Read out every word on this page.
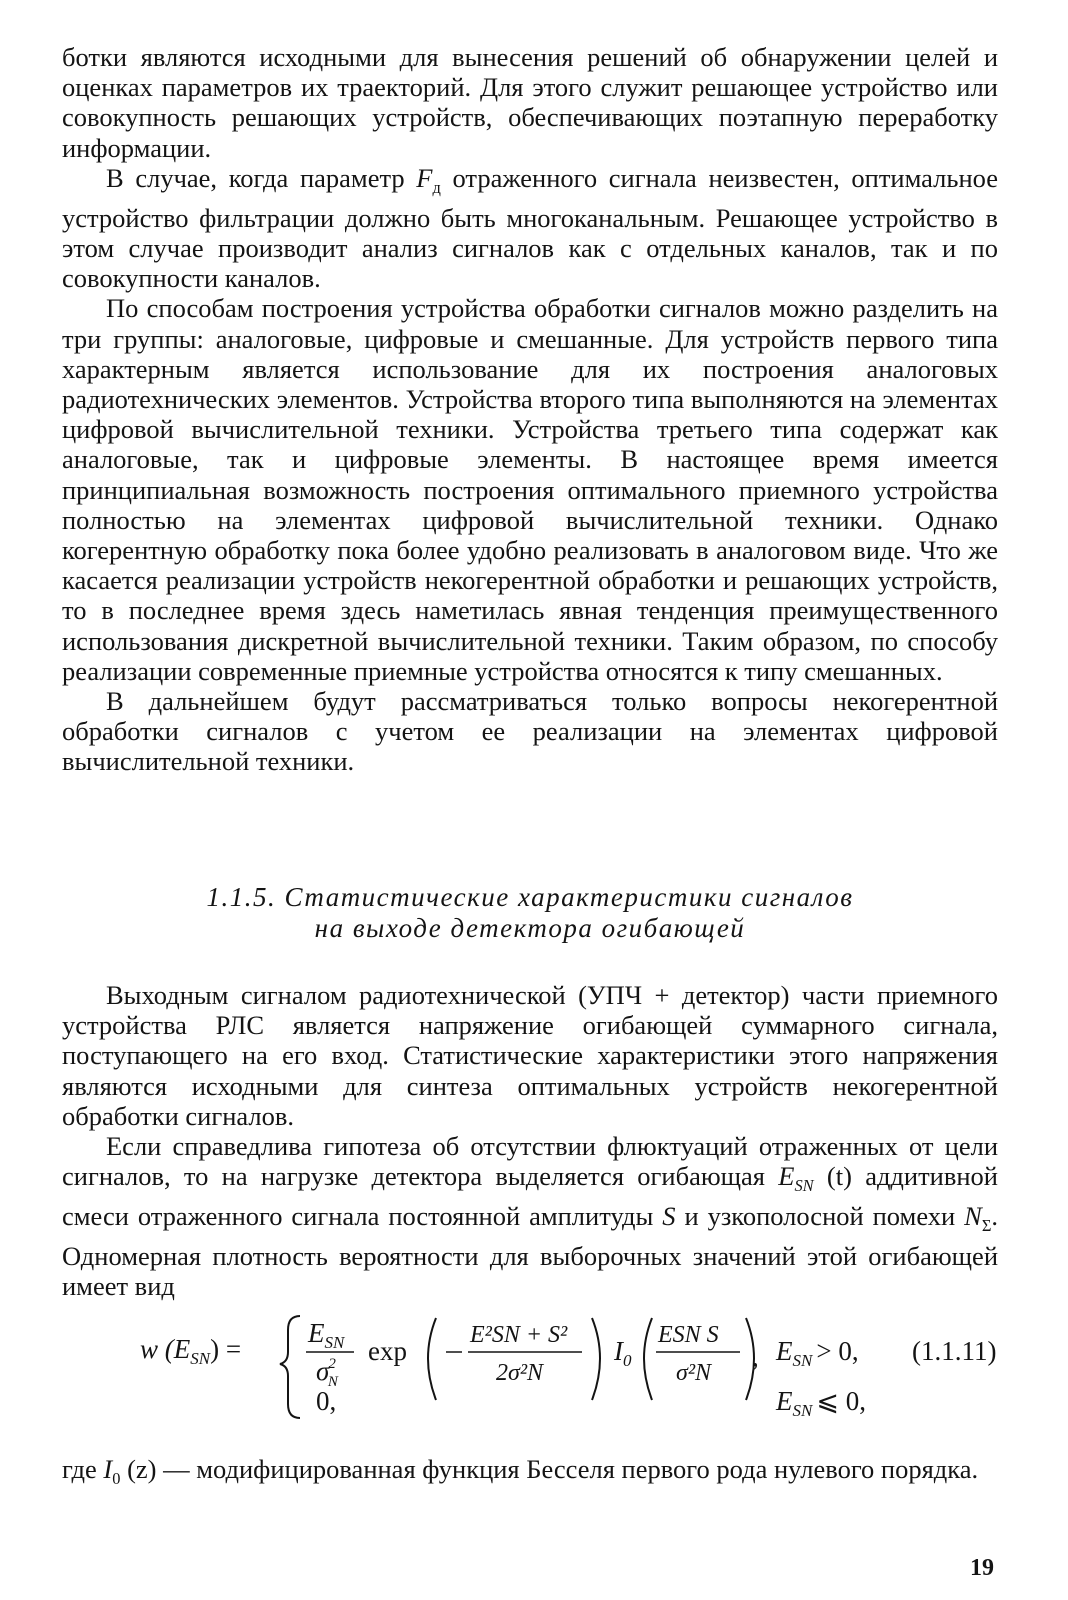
ботки являются исходными для вынесения решений об обнаружении целей и оценках параметров их траекторий. Для этого служит решающее устройство или совокупность решающих устройств, обеспечивающих поэтапную переработку информации.

В случае, когда параметр $F_д$ отраженного сигнала неизвестен, оптимальное устройство фильтрации должно быть многоканальным. Решающее устройство в этом случае производит анализ сигналов как с отдельных каналов, так и по совокупности каналов.

По способам построения устройства обработки сигналов можно разделить на три группы: аналоговые, цифровые и смешанные. Для устройств первого типа характерным является использование для их построения аналоговых радиотехнических элементов. Устройства второго типа выполняются на элементах цифровой вычислительной техники. Устройства третьего типа содержат как аналоговые, так и цифровые элементы. В настоящее время имеется принципиальная возможность построения оптимального приемного устройства полностью на элементах цифровой вычислительной техники. Однако когерентную обработку пока более удобно реализовать в аналоговом виде. Что же касается реализации устройств некогерентной обработки и решающих устройств, то в последнее время здесь наметилась явная тенденция преимущественного использования дискретной вычислительной техники. Таким образом, по способу реализации современные приемные устройства относятся к типу смешанных.

В дальнейшем будут рассматриваться только вопросы некогерентной обработки сигналов с учетом ее реализации на элементах цифровой вычислительной техники.

1.1.5. Статистические характеристики сигналов
на выходе детектора огибающей

Выходным сигналом радиотехнической (УПЧ + детектор) части приемного устройства РЛС является напряжение огибающей суммарного сигнала, поступающего на его вход. Статистические характеристики этого напряжения являются исходными для синтеза оптимальных устройств некогерентной обработки сигналов.

Если справедлива гипотеза об отсутствии флюктуаций отраженных от цели сигналов, то на нагрузке детектора выделяется огибающая $E_{SN}$ (t) аддитивной смеси отраженного сигнала постоянной амплитуды S и узкополосной помехи $N_\Sigma$. Одномерная плотность вероятности для выборочных значений этой огибающей имеет вид

w $(E_{SN})$ =
$E_{SN}$
σ2 N
exp
E²SN + S²
2σ²N
$I_0$
ESN S
σ²N
, $E_{SN} > 0$, (1.1.11)
0,	$E_{SN}$ ⩽ 0,

где $I_0$ (z) — модифицированная функция Бесселя первого рода нулевого порядка.

19
